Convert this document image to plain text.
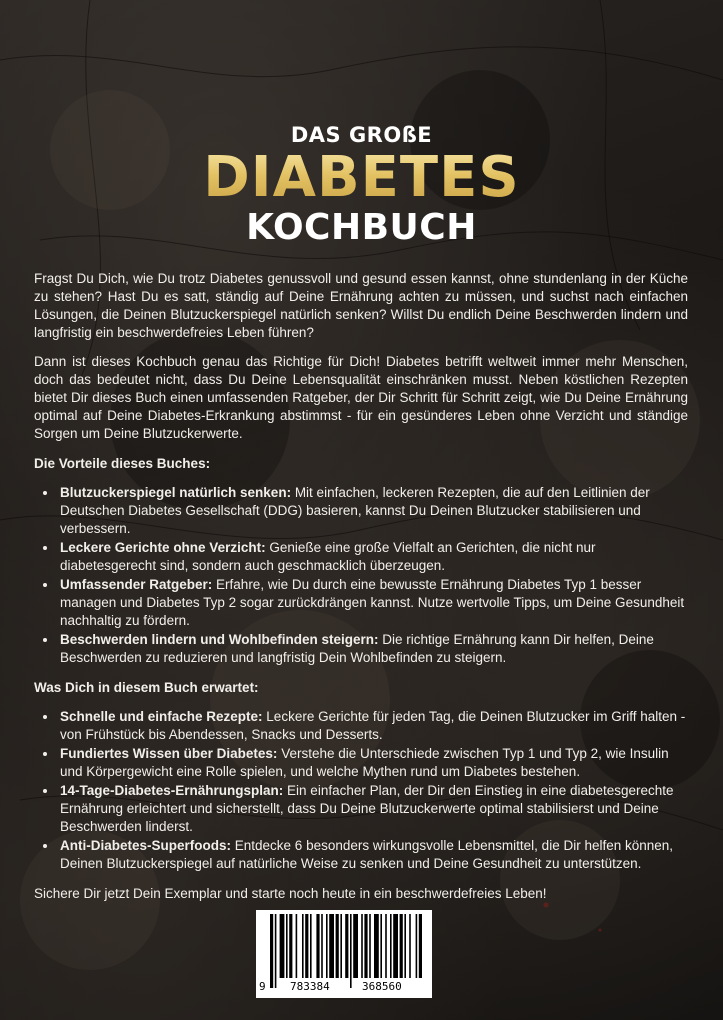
DAS GROßE
DIABETES
KOCHBUCH

Fragst Du Dich, wie Du trotz Diabetes genussvoll und gesund essen kannst, ohne stundenlang in der Küche zu stehen? Hast Du es satt, ständig auf Deine Ernährung achten zu müssen, und suchst nach einfachen Lösungen, die Deinen Blutzuckerspiegel natürlich senken? Willst Du endlich Deine Beschwerden lindern und langfristig ein beschwerdefreies Leben führen?

Dann ist dieses Kochbuch genau das Richtige für Dich! Diabetes betrifft weltweit immer mehr Menschen, doch das bedeutet nicht, dass Du Deine Lebensqualität einschränken musst. Neben köstlichen Rezepten bietet Dir dieses Buch einen umfassenden Ratgeber, der Dir Schritt für Schritt zeigt, wie Du Deine Ernährung optimal auf Deine Diabetes-Erkrankung abstimmst - für ein gesünderes Leben ohne Verzicht und ständige Sorgen um Deine Blutzuckerwerte.

Die Vorteile dieses Buches:

• Blutzuckerspiegel natürlich senken: Mit einfachen, leckeren Rezepten, die auf den Leitlinien der Deutschen Diabetes Gesellschaft (DDG) basieren, kannst Du Deinen Blutzucker stabilisieren und verbessern.
• Leckere Gerichte ohne Verzicht: Genieße eine große Vielfalt an Gerichten, die nicht nur diabetesgerecht sind, sondern auch geschmacklich überzeugen.
• Umfassender Ratgeber: Erfahre, wie Du durch eine bewusste Ernährung Diabetes Typ 1 besser managen und Diabetes Typ 2 sogar zurückdrängen kannst. Nutze wertvolle Tipps, um Deine Gesundheit nachhaltig zu fördern.
• Beschwerden lindern und Wohlbefinden steigern: Die richtige Ernährung kann Dir helfen, Deine Beschwerden zu reduzieren und langfristig Dein Wohlbefinden zu steigern.

Was Dich in diesem Buch erwartet:

• Schnelle und einfache Rezepte: Leckere Gerichte für jeden Tag, die Deinen Blutzucker im Griff halten - von Frühstück bis Abendessen, Snacks und Desserts.
• Fundiertes Wissen über Diabetes: Verstehe die Unterschiede zwischen Typ 1 und Typ 2, wie Insulin und Körpergewicht eine Rolle spielen, und welche Mythen rund um Diabetes bestehen.
• 14-Tage-Diabetes-Ernährungsplan: Ein einfacher Plan, der Dir den Einstieg in eine diabetesgerechte Ernährung erleichtert und sicherstellt, dass Du Deine Blutzuckerwerte optimal stabilisierst und Deine Beschwerden linderst.
• Anti-Diabetes-Superfoods: Entdecke 6 besonders wirkungsvolle Lebensmittel, die Dir helfen können, Deinen Blutzuckerspiegel auf natürliche Weise zu senken und Deine Gesundheit zu unterstützen.

Sichere Dir jetzt Dein Exemplar und starte noch heute in ein beschwerdefreies Leben!

9 783384	368560
